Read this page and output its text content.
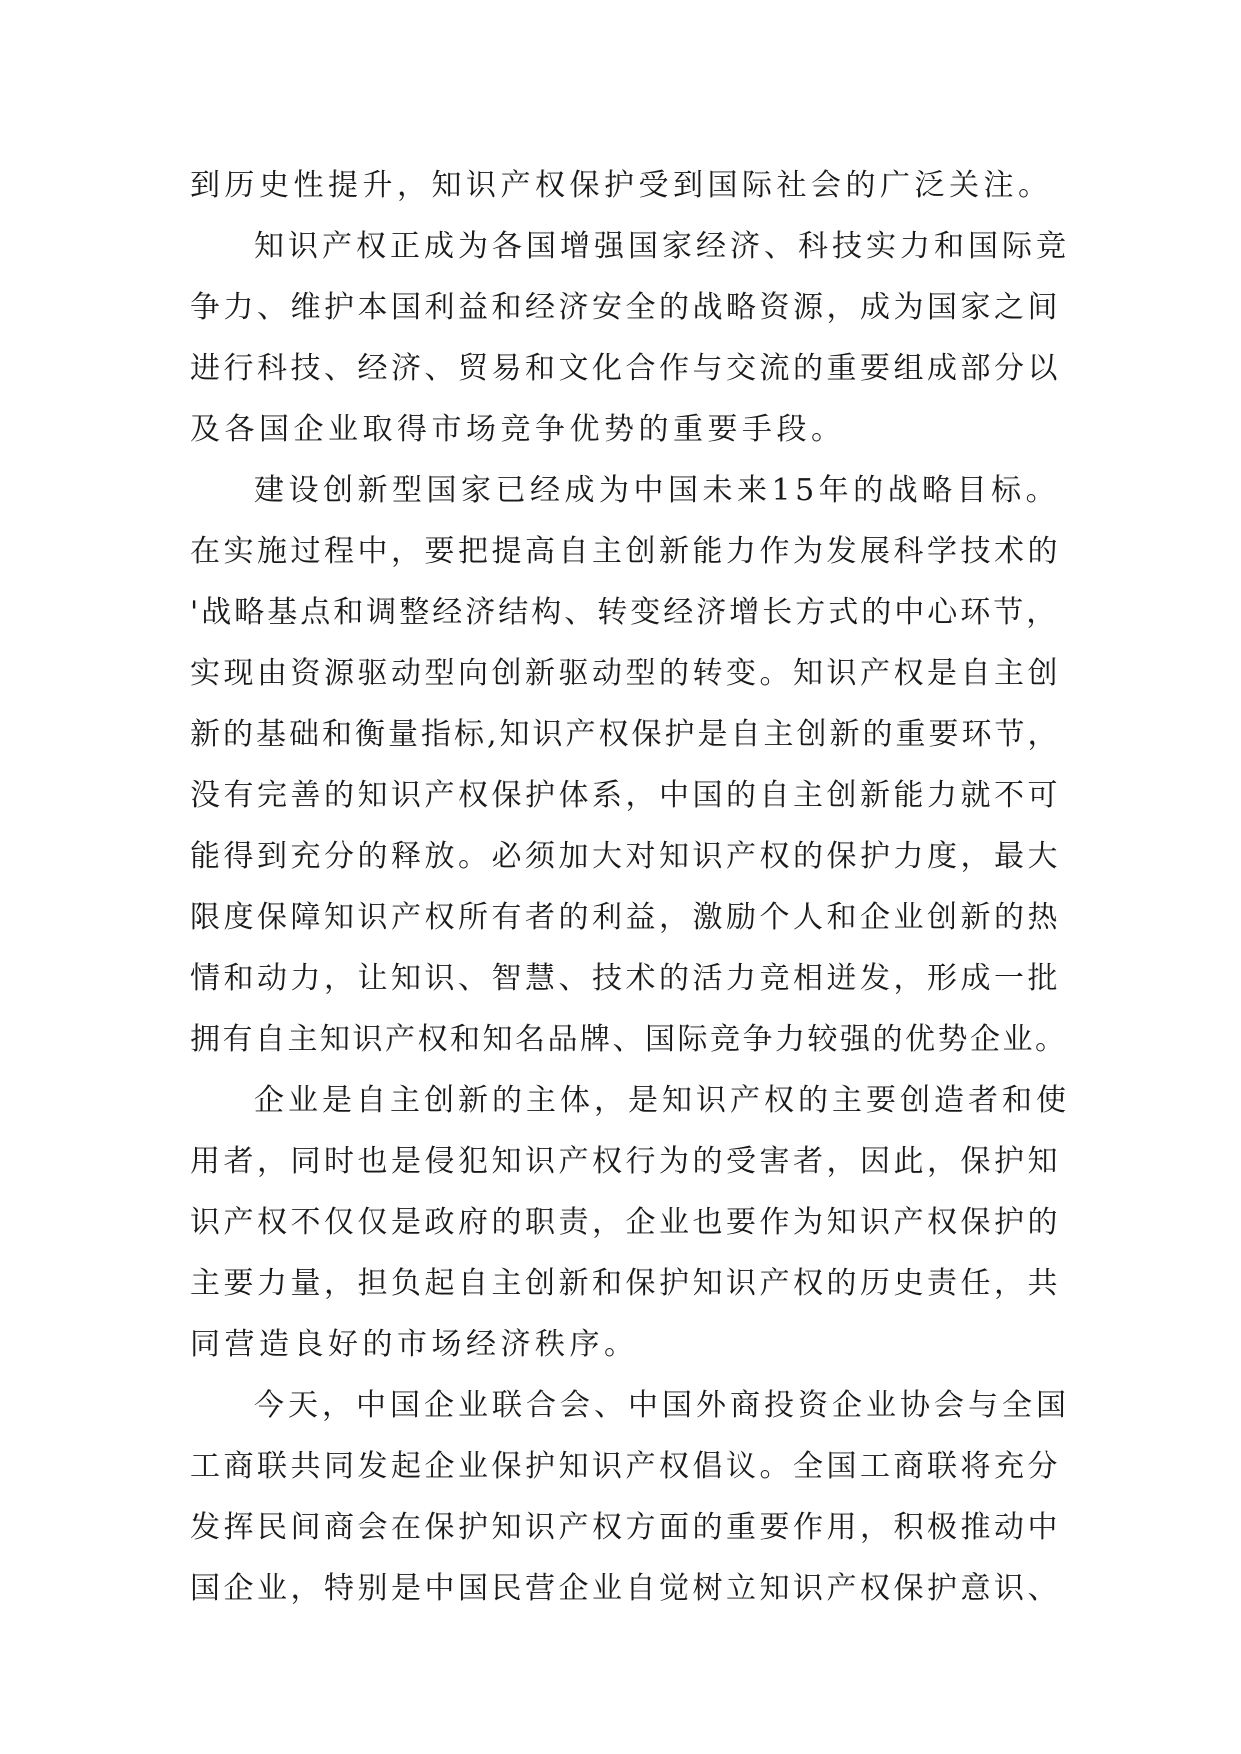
到历史性提升，知识产权保护受到国际社会的广泛关注。
知识产权正成为各国增强国家经济、科技实力和国际竞
争力、维护本国利益和经济安全的战略资源，成为国家之间
进行科技、经济、贸易和文化合作与交流的重要组成部分以
及各国企业取得市场竞争优势的重要手段。
建设创新型国家已经成为中国未来15年的战略目标。
在实施过程中，要把提高自主创新能力作为发展科学技术的
'战略基点和调整经济结构、转变经济增长方式的中心环节，
实现由资源驱动型向创新驱动型的转变。知识产权是自主创
新的基础和衡量指标,知识产权保护是自主创新的重要环节，
没有完善的知识产权保护体系，中国的自主创新能力就不可
能得到充分的释放。必须加大对知识产权的保护力度，最大
限度保障知识产权所有者的利益，激励个人和企业创新的热
情和动力，让知识、智慧、技术的活力竞相迸发，形成一批
拥有自主知识产权和知名品牌、国际竞争力较强的优势企业。
企业是自主创新的主体，是知识产权的主要创造者和使
用者，同时也是侵犯知识产权行为的受害者，因此，保护知
识产权不仅仅是政府的职责，企业也要作为知识产权保护的
主要力量，担负起自主创新和保护知识产权的历史责任，共
同营造良好的市场经济秩序。
今天，中国企业联合会、中国外商投资企业协会与全国
工商联共同发起企业保护知识产权倡议。全国工商联将充分
发挥民间商会在保护知识产权方面的重要作用，积极推动中
国企业，特别是中国民营企业自觉树立知识产权保护意识、
